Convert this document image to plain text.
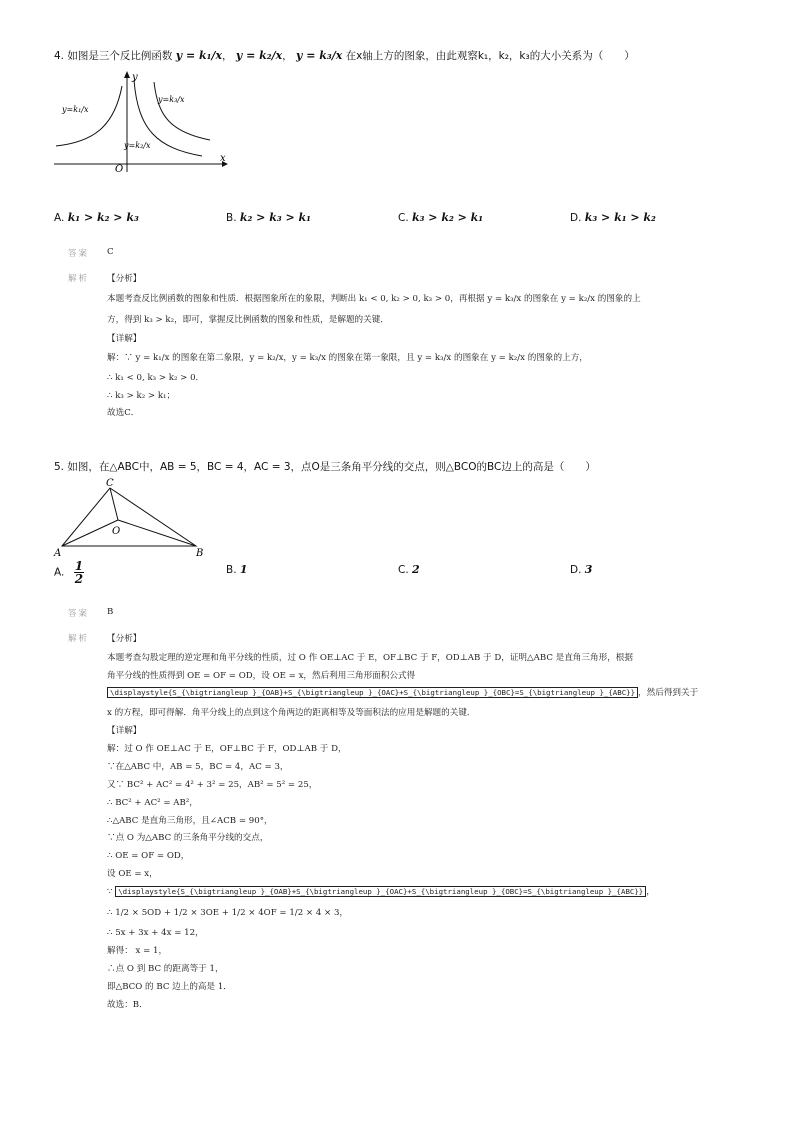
4. 如图是三个反比例函数 y = k₁/x， y = k₂/x， y = k₃/x 在x轴上方的图象，由此观察k₁，k₂，k₃的大小关系为（　　）
y
x
O
y=k₁/x
y=k₂/x
y=k₃/x
A. k₁ > k₂ > k₃	B. k₂ > k₃ > k₁	C. k₃ > k₂ > k₁	D. k₃ > k₁ > k₂
答案 C
解析 【分析】
本题考查反比例函数的图象和性质．根据图象所在的象限，判断出 k₁ < 0, k₂ > 0, k₃ > 0，再根据 y = k₃/x 的图象在 y = k₂/x 的图象的上
方，得到 k₃ > k₂，即可，掌握反比例函数的图象和性质，是解题的关键．
【详解】
解：∵ y = k₁/x 的图象在第二象限，y = k₂/x，y = k₃/x 的图象在第一象限，且 y = k₃/x 的图象在 y = k₂/x 的图象的上方，
∴ k₁ < 0, k₃ > k₂ > 0．
∴ k₃ > k₂ > k₁；
故选C．
5. 如图，在△ABC中，AB = 5，BC = 4，AC = 3，点O是三条角平分线的交点，则△BCO的BC边上的高是（　　）
A	B
C
O
A. $\frac{1}{2}$	B. 1	C. 2	D. 3
答案 B
解析 【分析】
本题考查勾股定理的逆定理和角平分线的性质，过 O 作 OE⊥AC 于 E，OF⊥BC 于 F，OD⊥AB 于 D，证明△ABC 是直角三角形，根据
角平分线的性质得到 OE = OF = OD，设 OE = x，然后利用三角形面积公式得
\displaystyle{S_{\bigtriangleup }_{OAB}+S_{\bigtriangleup }_{OAC}+S_{\bigtriangleup }_{OBC}=S_{\bigtriangleup }_{ABC}} ，然后得到关于
x 的方程，即可得解．角平分线上的点到这个角两边的距离相等及等面积法的应用是解题的关键．
【详解】
解：过 O 作 OE⊥AC 于 E，OF⊥BC 于 F，OD⊥AB 于 D，
∵在△ABC 中，AB = 5，BC = 4，AC = 3，
又∵ BC² + AC² = 4² + 3² = 25，AB² = 5² = 25，
∴ BC² + AC² = AB²，
∴△ABC 是直角三角形，且∠ACB = 90°，
∵点 O 为△ABC 的三条角平分线的交点，
∴ OE = OF = OD，
设 OE = x，
∵ \displaystyle{S_{\bigtriangleup }_{OAB}+S_{\bigtriangleup }_{OAC}+S_{\bigtriangleup }_{OBC}=S_{\bigtriangleup }_{ABC}} ，
∴ 1/2 × 5OD + 1/2 × 3OE + 1/2 × 4OF = 1/2 × 4 × 3，
∴ 5x + 3x + 4x = 12，
解得： x = 1，
∴点 O 到 BC 的距离等于 1，
即△BCO 的 BC 边上的高是 1．
故选：B．
